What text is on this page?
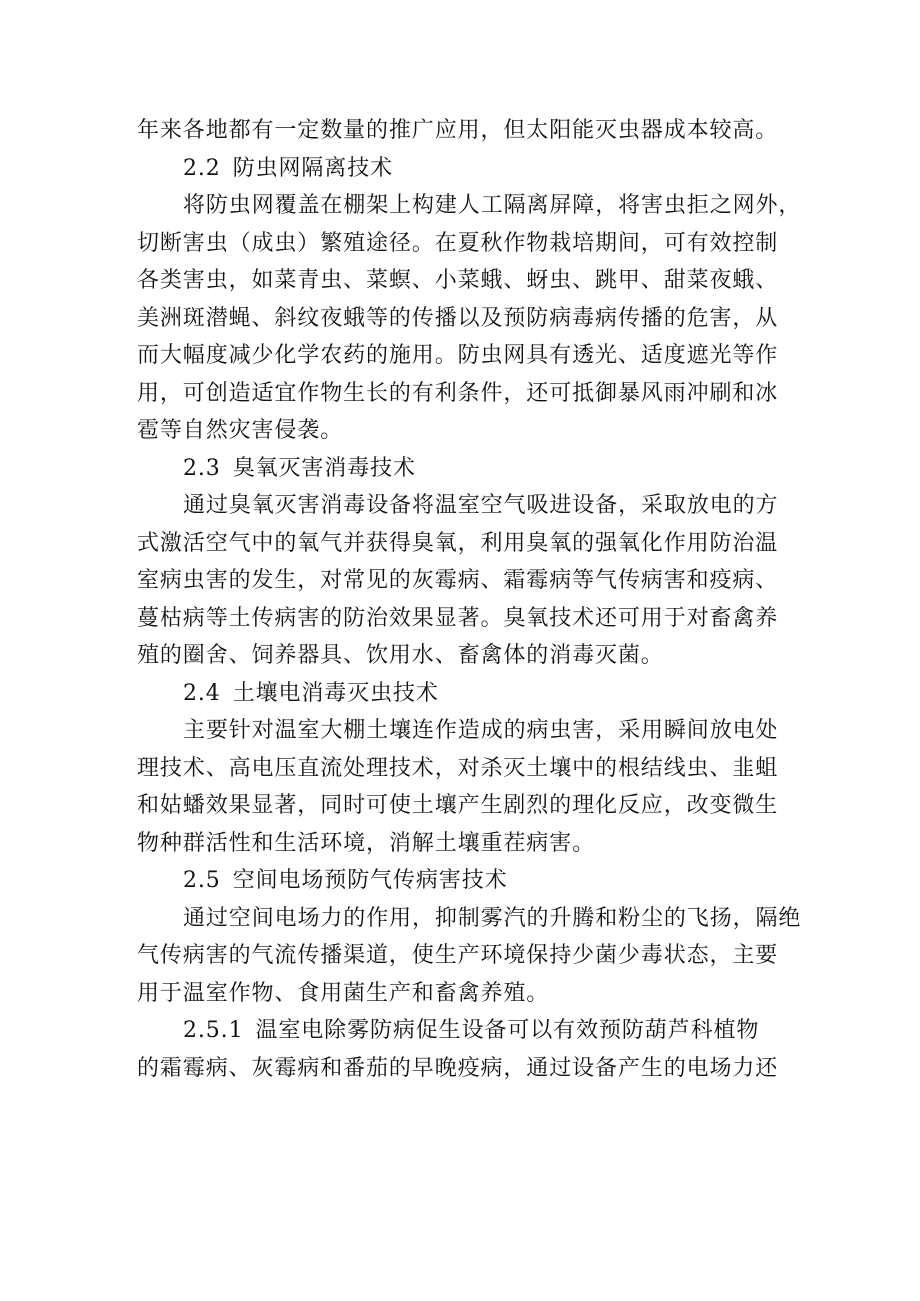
年来各地都有一定数量的推广应用，但太阳能灭虫器成本较高。
2.2 防虫网隔离技术
将防虫网覆盖在棚架上构建人工隔离屏障，将害虫拒之网外，
切断害虫（成虫）繁殖途径。在夏秋作物栽培期间，可有效控制
各类害虫，如菜青虫、菜螟、小菜蛾、蚜虫、跳甲、甜菜夜蛾、
美洲斑潜蝇、斜纹夜蛾等的传播以及预防病毒病传播的危害，从
而大幅度减少化学农药的施用。防虫网具有透光、适度遮光等作
用，可创造适宜作物生长的有利条件，还可抵御暴风雨冲刷和冰
雹等自然灾害侵袭。
2.3 臭氧灭害消毒技术
通过臭氧灭害消毒设备将温室空气吸进设备，采取放电的方
式激活空气中的氧气并获得臭氧，利用臭氧的强氧化作用防治温
室病虫害的发生，对常见的灰霉病、霜霉病等气传病害和疫病、
蔓枯病等土传病害的防治效果显著。臭氧技术还可用于对畜禽养
殖的圈舍、饲养器具、饮用水、畜禽体的消毒灭菌。
2.4 土壤电消毒灭虫技术
主要针对温室大棚土壤连作造成的病虫害，采用瞬间放电处
理技术、高电压直流处理技术，对杀灭土壤中的根结线虫、韭蛆
和姑蟠效果显著，同时可使土壤产生剧烈的理化反应，改变微生
物种群活性和生活环境，消解土壤重茬病害。
2.5 空间电场预防气传病害技术
通过空间电场力的作用，抑制雾汽的升腾和粉尘的飞扬，隔绝
气传病害的气流传播渠道，使生产环境保持少菌少毒状态，主要
用于温室作物、食用菌生产和畜禽养殖。
2.5.1 温室电除雾防病促生设备可以有效预防葫芦科植物
的霜霉病、灰霉病和番茄的早晚疫病，通过设备产生的电场力还
